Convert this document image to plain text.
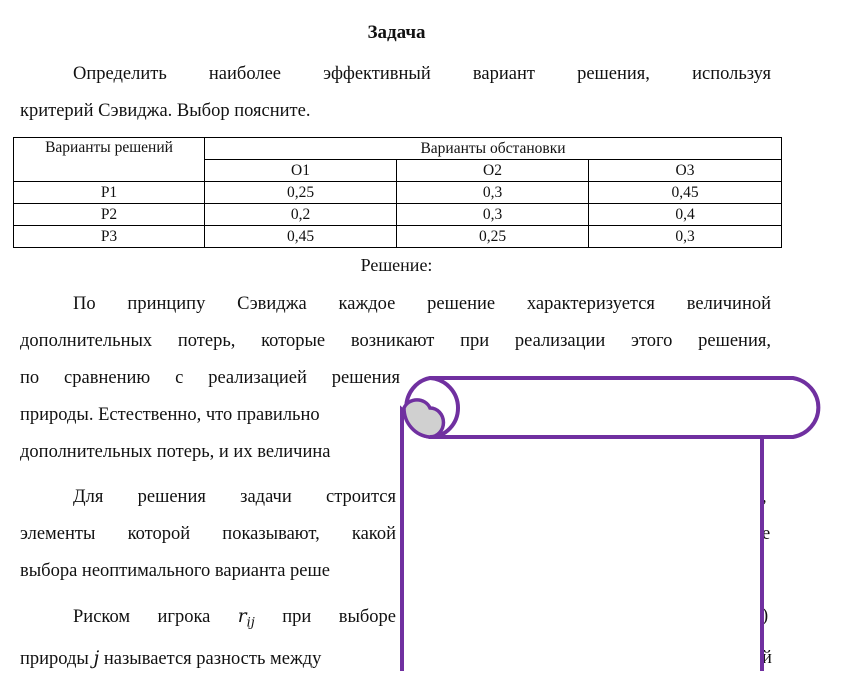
Задача

Определить наиболее эффективный вариант решения, используя

критерий Сэвиджа. Выбор поясните.

Варианты решений	Варианты обстановки		
	О1	О2	О3
Р1	0,25	0,3	0,45
Р2	0,2	0,3	0,4
Р3	0,45	0,25	0,3
Решение:

По принципу Сэвиджа каждое решение характеризуется величиной

дополнительных потерь, которые возникают при реализации этого решения,

по сравнению с реализацией решения

природы. Естественно, что правильно

дополнительных потерь, и их величина

Для решения задачи строится	,

элементы которой показывают, какой	е

выбора неоптимального варианта реше

Риском игрока $r_{ij}$ при выборе	)

природы j называется разность между	й
